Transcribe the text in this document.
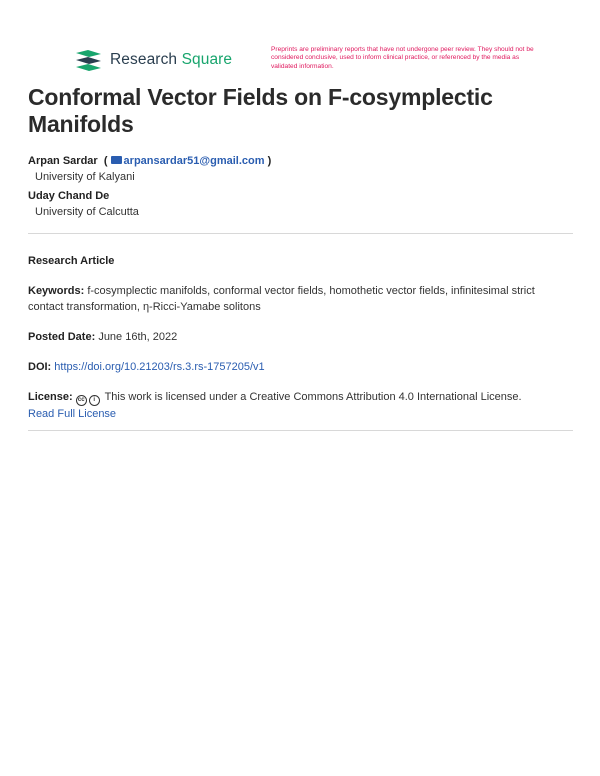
Research Square
Preprints are preliminary reports that have not undergone peer review. They should not be considered conclusive, used to inform clinical practice, or referenced by the media as validated information.
Conformal Vector Fields on F-cosymplectic Manifolds
Arpan Sardar  ( arpansardar51@gmail.com )
University of Kalyani
Uday Chand De
University of Calcutta
Research Article
Keywords: f-cosymplectic manifolds, conformal vector fields, homothetic vector fields, infinitesimal strict contact transformation, η-Ricci-Yamabe solitons
Posted Date: June 16th, 2022
DOI: https://doi.org/10.21203/rs.3.rs-1757205/v1
License: cc i This work is licensed under a Creative Commons Attribution 4.0 International License.
Read Full License
